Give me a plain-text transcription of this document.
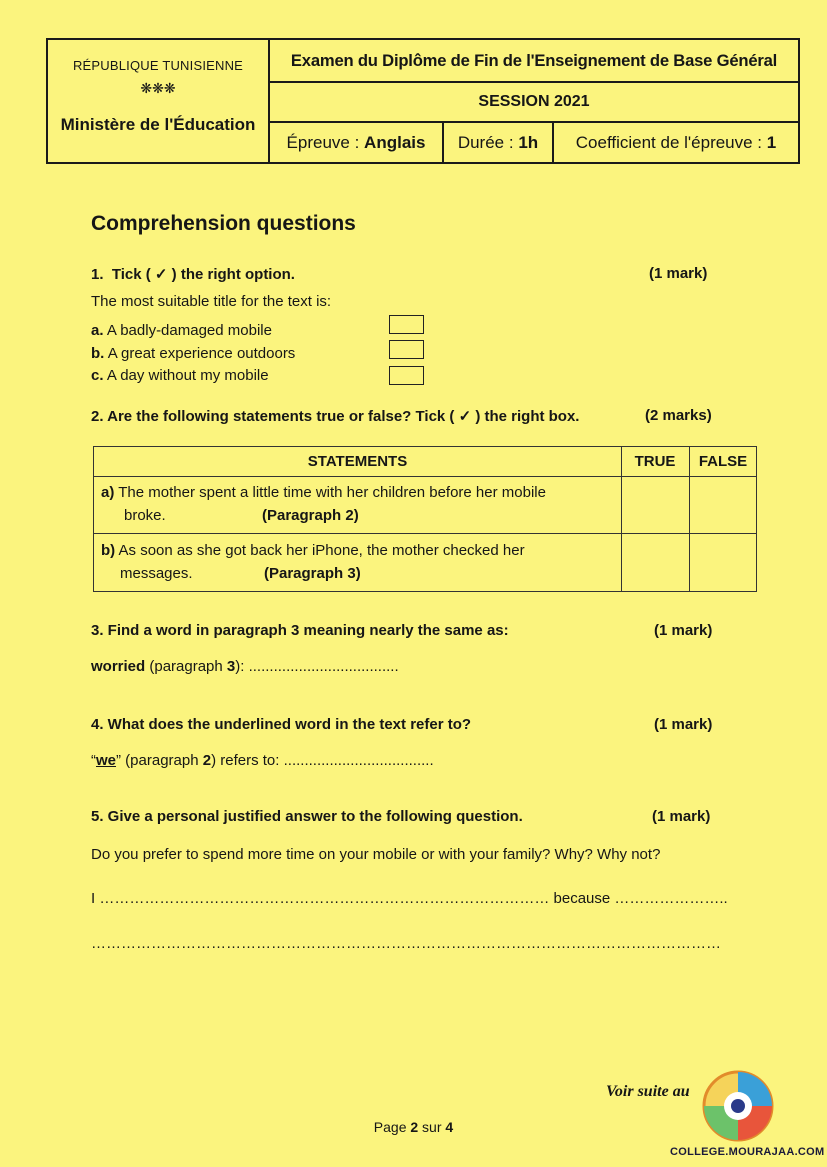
RÉPUBLIQUE TUNISIENNE
❋❋❋
Ministère de l'Éducation
Examen du Diplôme de Fin de l'Enseignement de Base Général
SESSION 2021
Épreuve : Anglais	Durée : 1h	Coefficient de l'épreuve : 1
Comprehension questions
1. Tick ( ✓ ) the right option.	(1 mark)
The most suitable title for the text is:
a. A badly-damaged mobile
b. A great experience outdoors
c. A day without my mobile
2. Are the following statements true or false? Tick ( ✓ ) the right box.	(2 marks)
STATEMENTS	TRUE	FALSE
a) The mother spent a little time with her children before her mobile
broke.	(Paragraph 2)
b) As soon as she got back her iPhone, the mother checked her
messages.	(Paragraph 3)
3. Find a word in paragraph 3 meaning nearly the same as:	(1 mark)
worried (paragraph 3): ....................................
4. What does the underlined word in the text refer to?	(1 mark)
“we” (paragraph 2) refers to: ....................................
5. Give a personal justified answer to the following question.	(1 mark)
Do you prefer to spend more time on your mobile or with your family? Why? Why not?
I ……………………………………………………………………………… because …………………..
………………………………………………………………………………………………………………
Voir suite au
Page 2 sur 4
COLLEGE.MOURAJAA.COM
